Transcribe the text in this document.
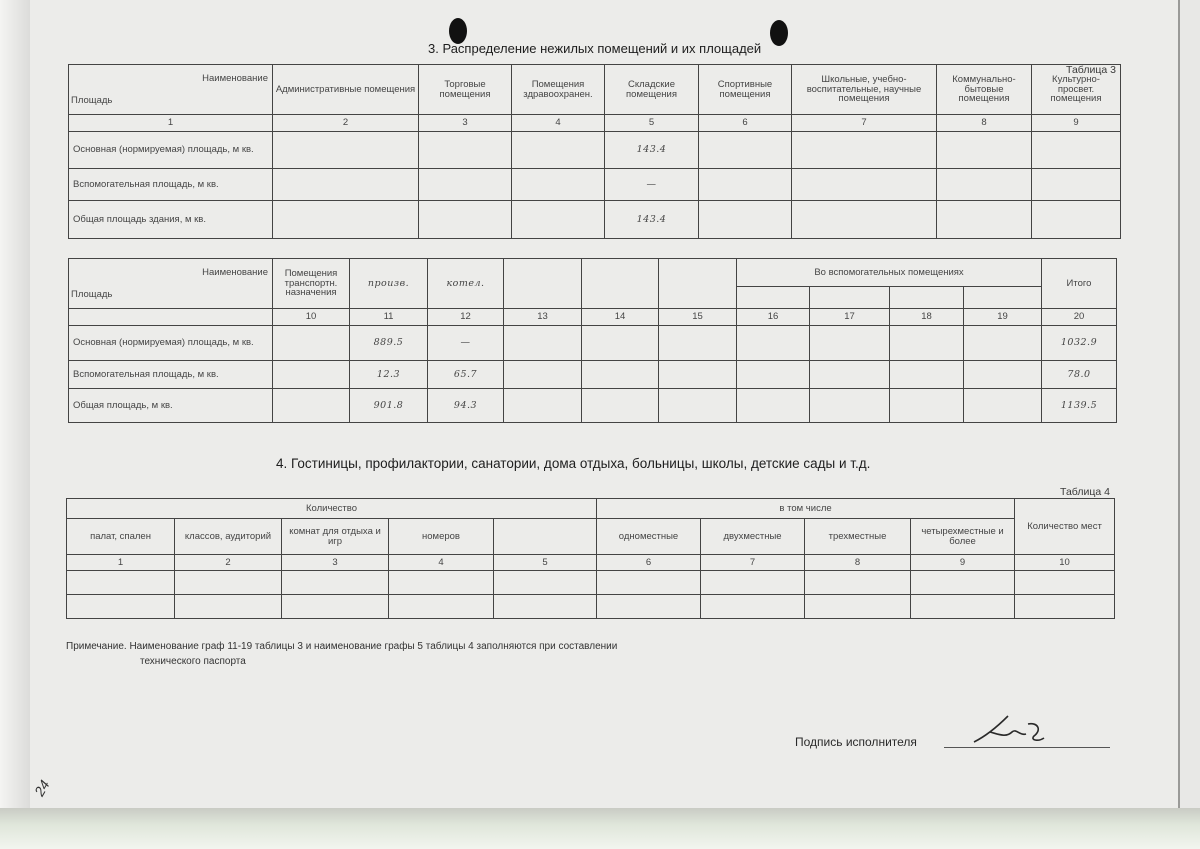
3. Распределение нежилых помещений и их площадей
Таблица 3
Наименование
Площадь	Административные помещения	Торговые помещения	Помещения здравоохранен.	Складские помещения	Спортивные помещения	Школьные, учебно-воспитательные, научные помещения	Коммунально-бытовые помещения	Культурно-просвет. помещения
1	2	3	4	5	6	7	8	9
Основная (нормируемая) площадь, м кв.				143.4				
Вспомогательная площадь, м кв.				—				
Общая площадь здания, м кв.				143.4				
Наименование
Площадь	Помещения транспортн. назначения	произв.	котел.				Во вспомогательных помещениях				Итого

	10	11	12	13	14	15	16	17	18	19	20
Основная (нормируемая) площадь, м кв.		889.5	—								1032.9
Вспомогательная площадь, м кв.		12.3	65.7								78.0
Общая площадь, м кв.		901.8	94.3								1139.5
4. Гостиницы, профилактории, санатории, дома отдыха, больницы, школы, детские сады и т.д.
Таблица 4
Количество					в том числе				Количество мест
палат, спален	классов, аудиторий	комнат для отдыха и игр	номеров		одноместные	двухместные	трехместные	четырехместные и более	
1	2	3	4	5	6	7	8	9	10

Примечание. Наименование граф 11-19 таблицы 3 и наименование графы 5 таблицы 4 заполняются при составлении
технического паспорта
Подпись исполнителя
24
